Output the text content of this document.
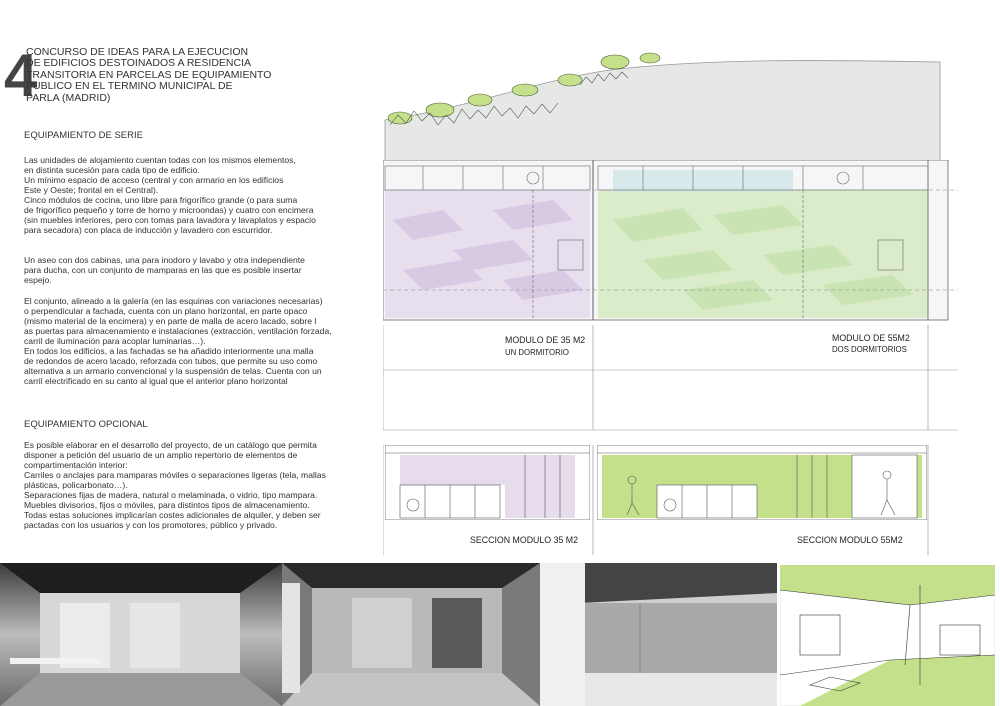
4
CONCURSO DE IDEAS PARA LA EJECUCION
DE EDIFICIOS DESTOINADOS A RESIDENCIA
TRANSITORIA EN PARCELAS DE EQUIPAMIENTO
PUBLICO EN EL TERMINO MUNICIPAL DE
PARLA (MADRID)
EQUIPAMIENTO DE SERIE
Las unidades de alojamiento cuentan todas con los mismos elementos,
en distinta sucesión para cada tipo de edificio.
Un mínimo espacio de acceso (central y con armario en los edificios
Este y Oeste; frontal en el Central).
Cinco módulos de cocina, uno libre para frigorífico grande (o para suma
de frigorífico pequeño y torre de horno y microondas) y cuatro con encimera
(sin muebles inferiores, pero con tomas para lavadora y lavaplatos y espacio
para secadora) con placa de inducción y lavadero con escurridor.
Un aseo con dos cabinas, una para inodoro y lavabo y otra independiente
para ducha, con un conjunto de mamparas en las que es posible insertar
espejo.
El conjunto, alineado a la galería (en las esquinas con variaciones necesarias)
o perpendicular a fachada, cuenta con un plano horizontal, en parte opaco
(mismo material de la encimera) y en parte de malla de acero lacado, sobre l
as puertas para almacenamiento e instalaciones (extracción, ventilación forzada,
carril de iluminación para acoplar luminarias…).
En todos los edificios, a las fachadas se ha añadido interiormente una malla
de redondos de acero lacado, reforzada con tubos, que permite su uso como
alternativa a un armario convencional y la suspensión de telas. Cuenta con un
carril electrificado en su canto al igual que el anterior plano horizontal
EQUIPAMIENTO OPCIONAL
Es posible elaborar en el desarrollo del proyecto, de un catálogo que permita
disponer a petición del usuario de un amplio repertorio de elementos de
compartimentación interior:
Carriles o anclajes para mamparas móviles o separaciones ligeras (tela, mallas
plásticas, policarbonato…).
Separaciones fijas de madera, natural o melaminada, o vidrio, tipo mampara.
Muebles divisorios, fijos o móviles, para distintos tipos de almacenamiento.
Todas estas soluciones implicarían costes adicionales de alquiler, y deben ser
pactadas con los usuarios y con los promotores, público y privado.
MODULO DE 35 M2
UN DORMITORIO
MODULO DE 55M2
DOS DORMITORIOS
SECCION MODULO 35 M2	SECCION MODULO 55M2
